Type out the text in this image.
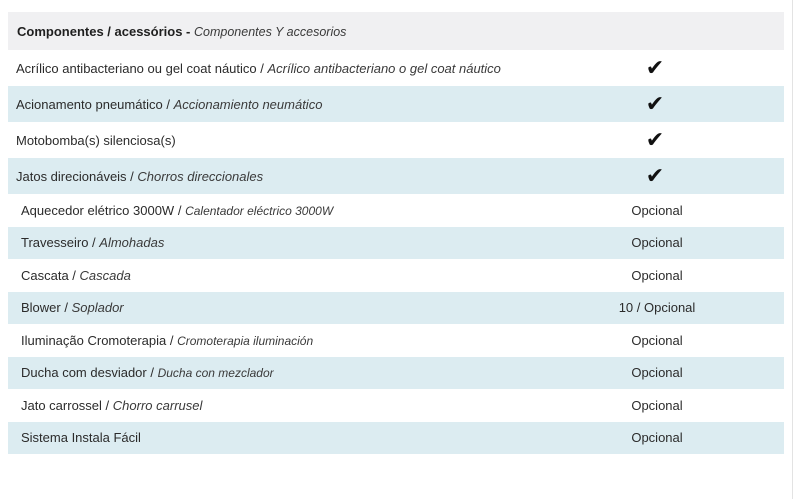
Componentes / acessórios - Componentes Y accesorios
Acrílico antibacteriano ou gel coat náutico / Acrílico antibacteriano o gel coat náutico	✔
Acionamento pneumático / Accionamiento neumático	✔
Motobomba(s) silenciosa(s)	✔
Jatos direcionáveis / Chorros direccionales	✔
Aquecedor elétrico 3000W / Calentador eléctrico 3000W	Opcional
Travesseiro / Almohadas	Opcional
Cascata / Cascada	Opcional
Blower / Soplador	10 / Opcional
Iluminação Cromoterapia / Cromoterapia iluminación	Opcional
Ducha com desviador / Ducha con mezclador	Opcional
Jato carrossel / Chorro carrusel	Opcional
Sistema Instala Fácil	Opcional
